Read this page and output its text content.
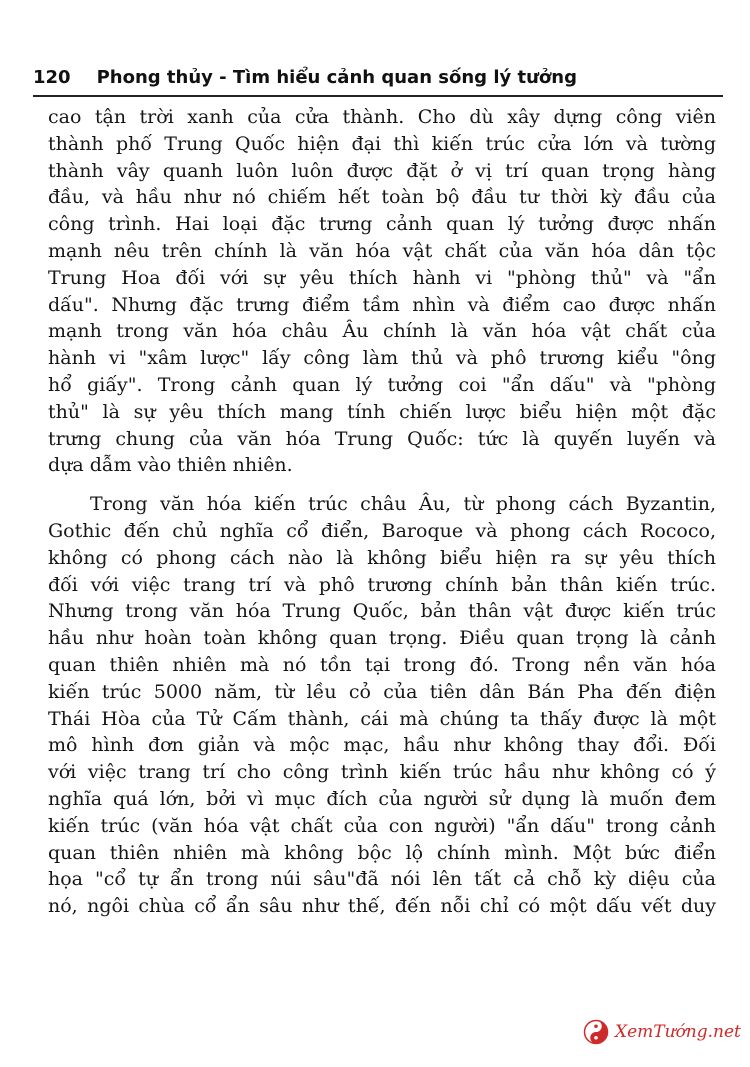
120 Phong thủy - Tìm hiểu cảnh quan sống lý tưởng

cao tận trời xanh của cửa thành. Cho dù xây dựng công viên
thành phố Trung Quốc hiện đại thì kiến trúc cửa lớn và tường
thành vây quanh luôn luôn được đặt ở vị trí quan trọng hàng
đầu, và hầu như nó chiếm hết toàn bộ đầu tư thời kỳ đầu của
công trình. Hai loại đặc trưng cảnh quan lý tưởng được nhấn
mạnh nêu trên chính là văn hóa vật chất của văn hóa dân tộc
Trung Hoa đối với sự yêu thích hành vi "phòng thủ" và "ẩn
dấu". Nhưng đặc trưng điểm tầm nhìn và điểm cao được nhấn
mạnh trong văn hóa châu Âu chính là văn hóa vật chất của
hành vi "xâm lược" lấy công làm thủ và phô trương kiểu "ông
hổ giấy". Trong cảnh quan lý tưởng coi "ẩn dấu" và "phòng
thủ" là sự yêu thích mang tính chiến lược biểu hiện một đặc
trưng chung của văn hóa Trung Quốc: tức là quyến luyến và
dựa dẫm vào thiên nhiên.

Trong văn hóa kiến trúc châu Âu, từ phong cách Byzantin,
Gothic đến chủ nghĩa cổ điển, Baroque và phong cách Rococo,
không có phong cách nào là không biểu hiện ra sự yêu thích
đối với việc trang trí và phô trương chính bản thân kiến trúc.
Nhưng trong văn hóa Trung Quốc, bản thân vật được kiến trúc
hầu như hoàn toàn không quan trọng. Điều quan trọng là cảnh
quan thiên nhiên mà nó tồn tại trong đó. Trong nền văn hóa
kiến trúc 5000 năm, từ lều cỏ của tiên dân Bán Pha đến điện
Thái Hòa của Tử Cấm thành, cái mà chúng ta thấy được là một
mô hình đơn giản và mộc mạc, hầu như không thay đổi. Đối
với việc trang trí cho công trình kiến trúc hầu như không có ý
nghĩa quá lớn, bởi vì mục đích của người sử dụng là muốn đem
kiến trúc (văn hóa vật chất của con người) "ẩn dấu" trong cảnh
quan thiên nhiên mà không bộc lộ chính mình. Một bức điển
họa "cổ tự ẩn trong núi sâu"đã nói lên tất cả chỗ kỳ diệu của
nó, ngôi chùa cổ ẩn sâu như thế, đến nỗi chỉ có một dấu vết duy

XemTướng.net
